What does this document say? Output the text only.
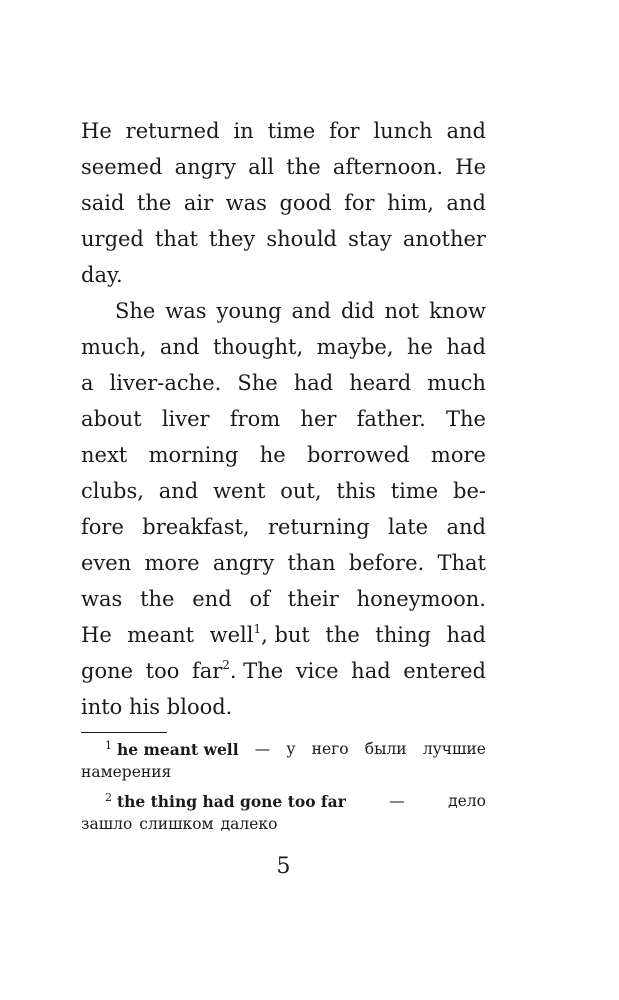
He returned in time for lunch and
seemed angry all the afternoon. He
said the air was good for him, and
urged that they should stay another
day.
She was young and did not know
much, and thought, maybe, he had
a liver-ache. She had heard much
about liver from her father. The
next morning he borrowed more
clubs, and went out, this time be-
fore breakfast, returning late and
even more angry than before. That
was the end of their honeymoon.
He meant well$^1$, but the thing had
gone too far$^2$. The vice had entered
into his blood.
$^1$ he meant well — у него были лучшие
намерения
$^2$ the thing had gone too far	—	дело
зашло слишком далеко
5
